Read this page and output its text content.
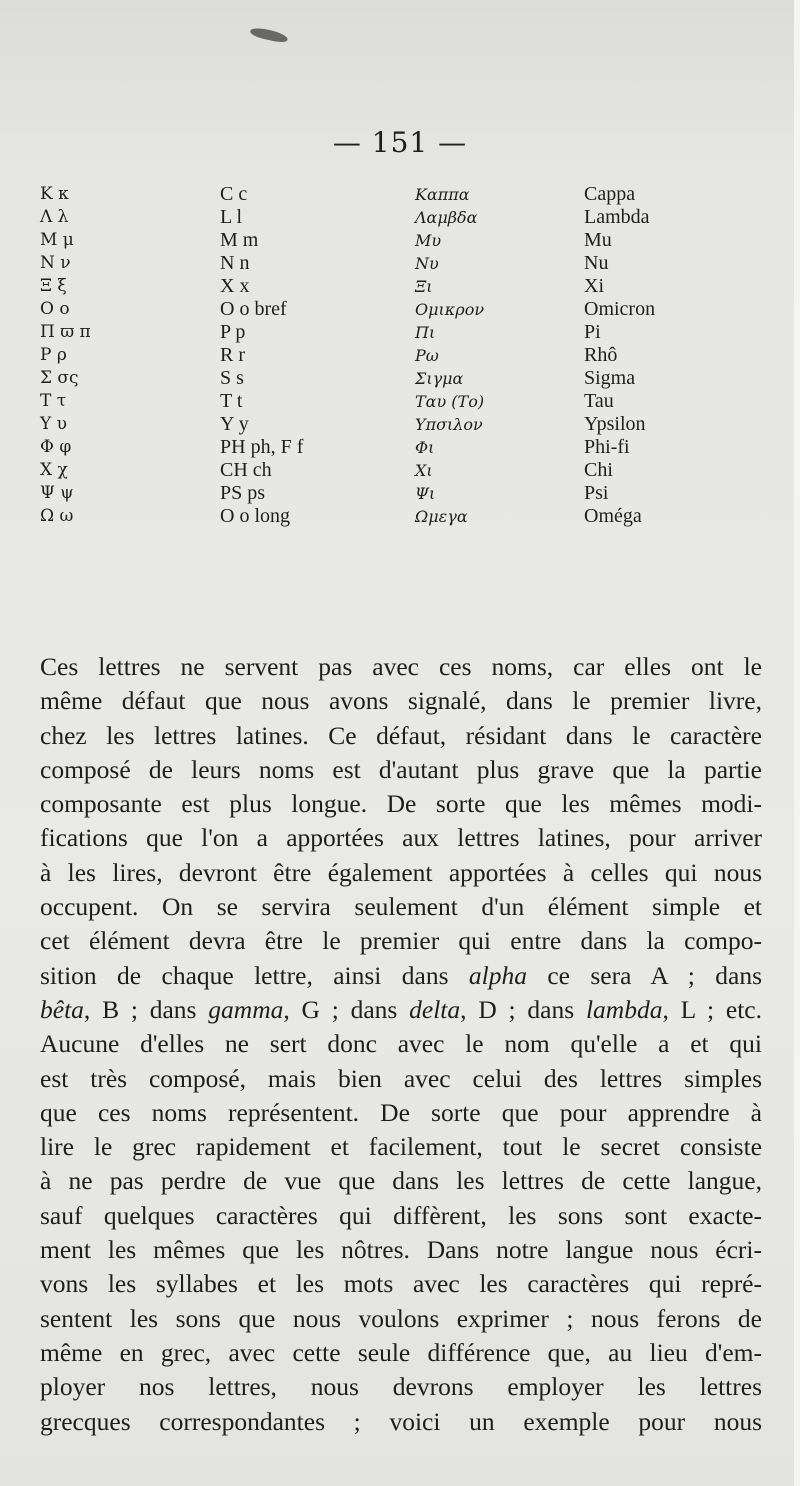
— 151 —
Κ κ	C c	Καππα	Cappa
Λ λ	L l	Λαμβδα	Lambda
Μ μ	M m	Μυ	Mu
Ν ν	N n	Νυ	Nu
Ξ ξ	X x	Ξι	Xi
Ο ο	O o bref	Ομικρον	Omicron
Π ϖ π	P p	Πι	Pi
Ρ ρ	R r	Ρω	Rhô
Σ σς	S s	Σιγμα	Sigma
Τ τ	T t	Ταυ (Το)	Tau
Υ υ	Y y	Υπσιλον	Ypsilon
Φ φ	PH ph, F f	Φι	Phi-fi
Χ χ	CH ch	Χι	Chi
Ψ ψ	PS ps	Ψι	Psi
Ω ω	O o long	Ωμεγα	Oméga
Ces lettres ne servent pas avec ces noms, car elles ont le
même défaut que nous avons signalé, dans le premier livre,
chez les lettres latines. Ce défaut, résidant dans le caractère
composé de leurs noms est d'autant plus grave que la partie
composante est plus longue. De sorte que les mêmes modi-
fications que l'on a apportées aux lettres latines, pour arriver
à les lires, devront être également apportées à celles qui nous
occupent. On se servira seulement d'un élément simple et
cet élément devra être le premier qui entre dans la compo-
sition de chaque lettre, ainsi dans alpha ce sera A ; dans
bêta, B ; dans gamma, G ; dans delta, D ; dans lambda, L ; etc.
Aucune d'elles ne sert donc avec le nom qu'elle a et qui
est très composé, mais bien avec celui des lettres simples
que ces noms représentent. De sorte que pour apprendre à
lire le grec rapidement et facilement, tout le secret consiste
à ne pas perdre de vue que dans les lettres de cette langue,
sauf quelques caractères qui diffèrent, les sons sont exacte-
ment les mêmes que les nôtres. Dans notre langue nous écri-
vons les syllabes et les mots avec les caractères qui repré-
sentent les sons que nous voulons exprimer ; nous ferons de
même en grec, avec cette seule différence que, au lieu d'em-
ployer nos lettres, nous devrons employer les lettres
grecques correspondantes ; voici un exemple pour nous
